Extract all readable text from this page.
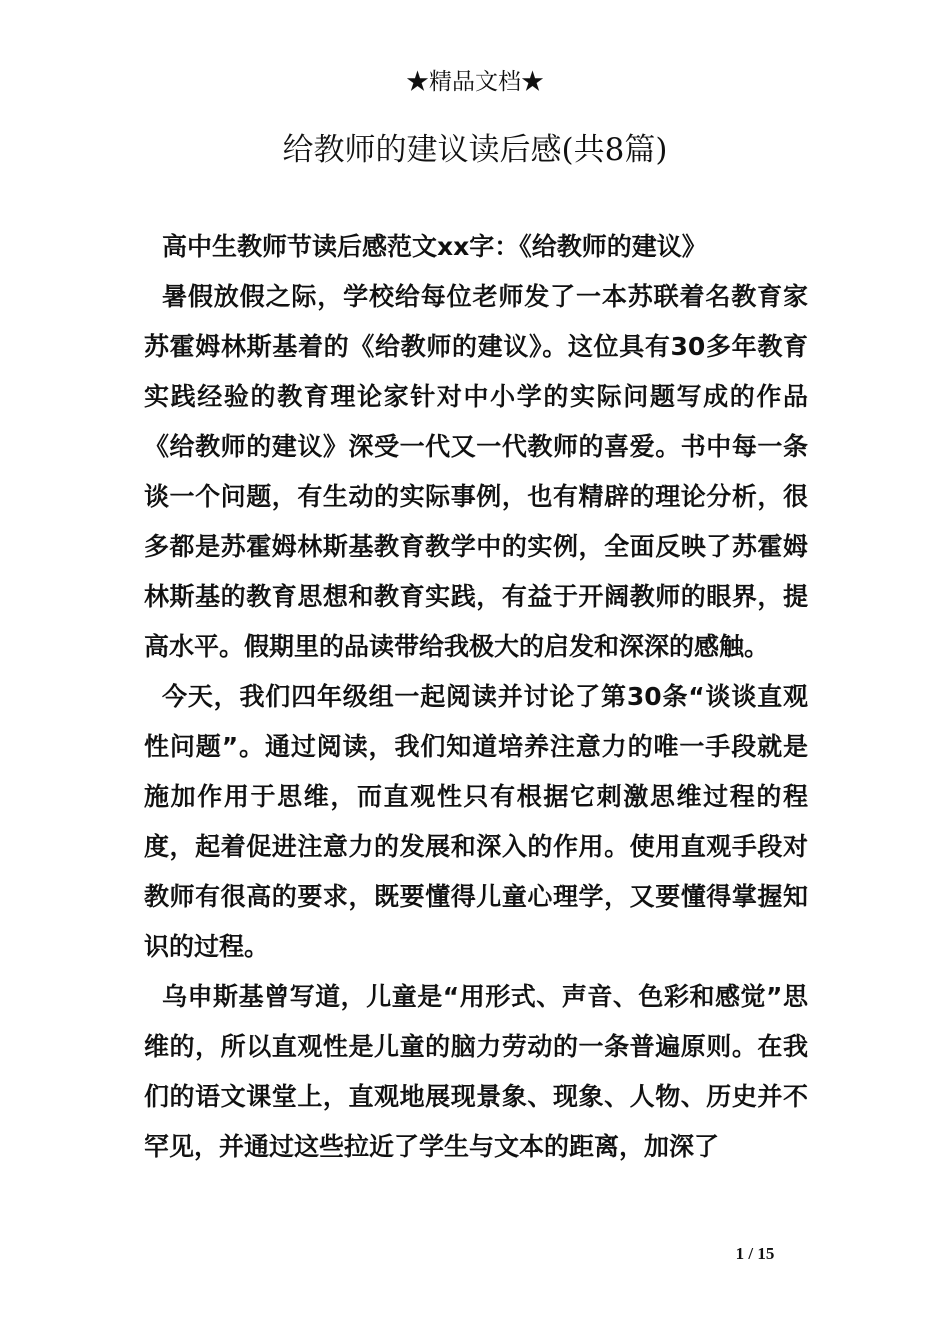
★精品文档★
给教师的建议读后感(共8篇)

高中生教师节读后感范文xx字：《给教师的建议》

暑假放假之际，学校给每位老师发了一本苏联着名教育家苏霍姆林斯基着的《给教师的建议》。这位具有30多年教育实践经验的教育理论家针对中小学的实际问题写成的作品《给教师的建议》深受一代又一代教师的喜爱。书中每一条谈一个问题，有生动的实际事例，也有精辟的理论分析，很多都是苏霍姆林斯基教育教学中的实例，全面反映了苏霍姆林斯基的教育思想和教育实践，有益于开阔教师的眼界，提高水平。假期里的品读带给我极大的启发和深深的感触。

今天，我们四年级组一起阅读并讨论了第30条“谈谈直观性问题”。通过阅读，我们知道培养注意力的唯一手段就是施加作用于思维，而直观性只有根据它刺激思维过程的程度，起着促进注意力的发展和深入的作用。使用直观手段对教师有很高的要求，既要懂得儿童心理学，又要懂得掌握知识的过程。

乌申斯基曾写道，儿童是“用形式、声音、色彩和感觉”思维的，所以直观性是儿童的脑力劳动的一条普遍原则。在我们的语文课堂上，直观地展现景象、现象、人物、历史并不罕见，并通过这些拉近了学生与文本的距离，加深了

1 / 15
